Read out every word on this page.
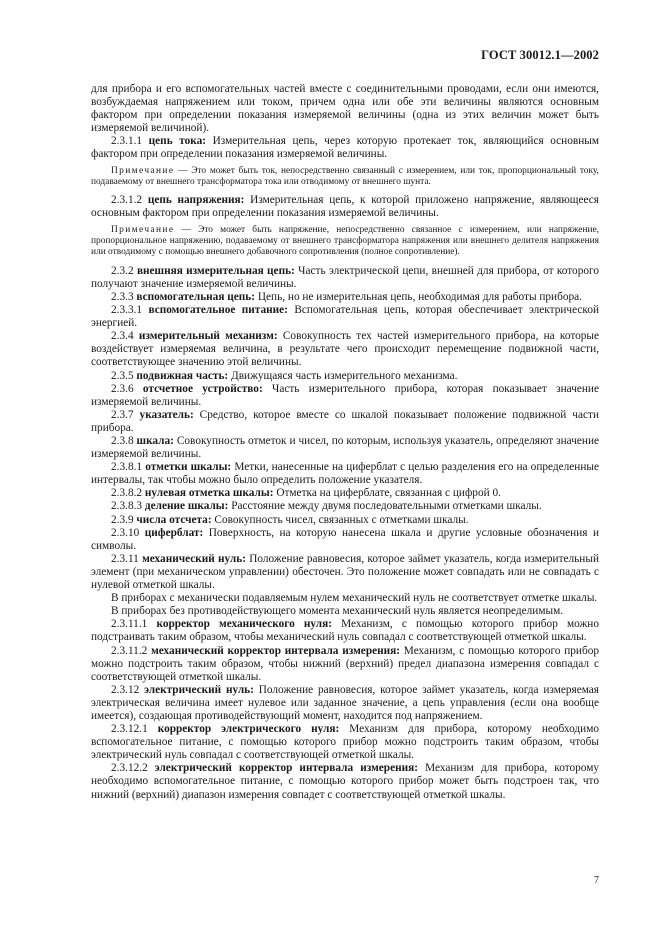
ГОСТ 30012.1—2002

для прибора и его вспомогательных частей вместе с соединительными проводами, если они имеются, возбуждаемая напряжением или током, причем одна или обе эти величины являются основным фактором при определении показания измеряемой величины (одна из этих величин может быть измеряемой величиной).

2.3.1.1 цепь тока: Измерительная цепь, через которую протекает ток, являющийся основным фактором при определении показания измеряемой величины.

Примечание — Это может быть ток, непосредственно связанный с измерением, или ток, пропорциональный току, подаваемому от внешнего трансформатора тока или отводимому от внешнего шунта.

2.3.1.2 цепь напряжения: Измерительная цепь, к которой приложено напряжение, являющееся основным фактором при определении показания измеряемой величины.

Примечание — Это может быть напряжение, непосредственно связанное с измерением, или напряжение, пропорциональное напряжению, подаваемому от внешнего трансформатора напряжения или внешнего делителя напряжения или отводимому с помощью внешнего добавочного сопротивления (полное сопротивление).

2.3.2 внешняя измерительная цепь: Часть электрической цепи, внешней для прибора, от которого получают значение измеряемой величины.

2.3.3 вспомогательная цепь: Цепь, но не измерительная цепь, необходимая для работы прибора.

2.3.3.1 вспомогательное питание: Вспомогательная цепь, которая обеспечивает электрической энергией.

2.3.4 измерительный механизм: Совокупность тех частей измерительного прибора, на которые воздействует измеряемая величина, в результате чего происходит перемещение подвижной части, соответствующее значению этой величины.

2.3.5 подвижная часть: Движущаяся часть измерительного механизма.

2.3.6 отсчетное устройство: Часть измерительного прибора, которая показывает значение измеряемой величины.

2.3.7 указатель: Средство, которое вместе со шкалой показывает положение подвижной части прибора.

2.3.8 шкала: Совокупность отметок и чисел, по которым, используя указатель, определяют значение измеряемой величины.

2.3.8.1 отметки шкалы: Метки, нанесенные на циферблат с целью разделения его на определенные интервалы, так чтобы можно было определить положение указателя.

2.3.8.2 нулевая отметка шкалы: Отметка на циферблате, связанная с цифрой 0.

2.3.8.3 деление шкалы: Расстояние между двумя последовательными отметками шкалы.

2.3.9 числа отсчета: Совокупность чисел, связанных с отметками шкалы.

2.3.10 циферблат: Поверхность, на которую нанесена шкала и другие условные обозначения и символы.

2.3.11 механический нуль: Положение равновесия, которое займет указатель, когда измерительный элемент (при механическом управлении) обесточен. Это положение может совпадать или не совпадать с нулевой отметкой шкалы.

В приборах с механически подавляемым нулем механический нуль не соответствует отметке шкалы.

В приборах без противодействующего момента механический нуль является неопределимым.

2.3.11.1 корректор механического нуля: Механизм, с помощью которого прибор можно подстраивать таким образом, чтобы механический нуль совпадал с соответствующей отметкой шкалы.

2.3.11.2 механический корректор интервала измерения: Механизм, с помощью которого прибор можно подстроить таким образом, чтобы нижний (верхний) предел диапазона измерения совпадал с соответствующей отметкой шкалы.

2.3.12 электрический нуль: Положение равновесия, которое займет указатель, когда измеряемая электрическая величина имеет нулевое или заданное значение, а цепь управления (если она вообще имеется), создающая противодействующий момент, находится под напряжением.

2.3.12.1 корректор электрического нуля: Механизм для прибора, которому необходимо вспомогательное питание, с помощью которого прибор можно подстроить таким образом, чтобы электрический нуль совпадал с соответствующей отметкой шкалы.

2.3.12.2 электрический корректор интервала измерения: Механизм для прибора, которому необходимо вспомогательное питание, с помощью которого прибор может быть подстроен так, что нижний (верхний) диапазон измерения совпадет с соответствующей отметкой шкалы.

7
